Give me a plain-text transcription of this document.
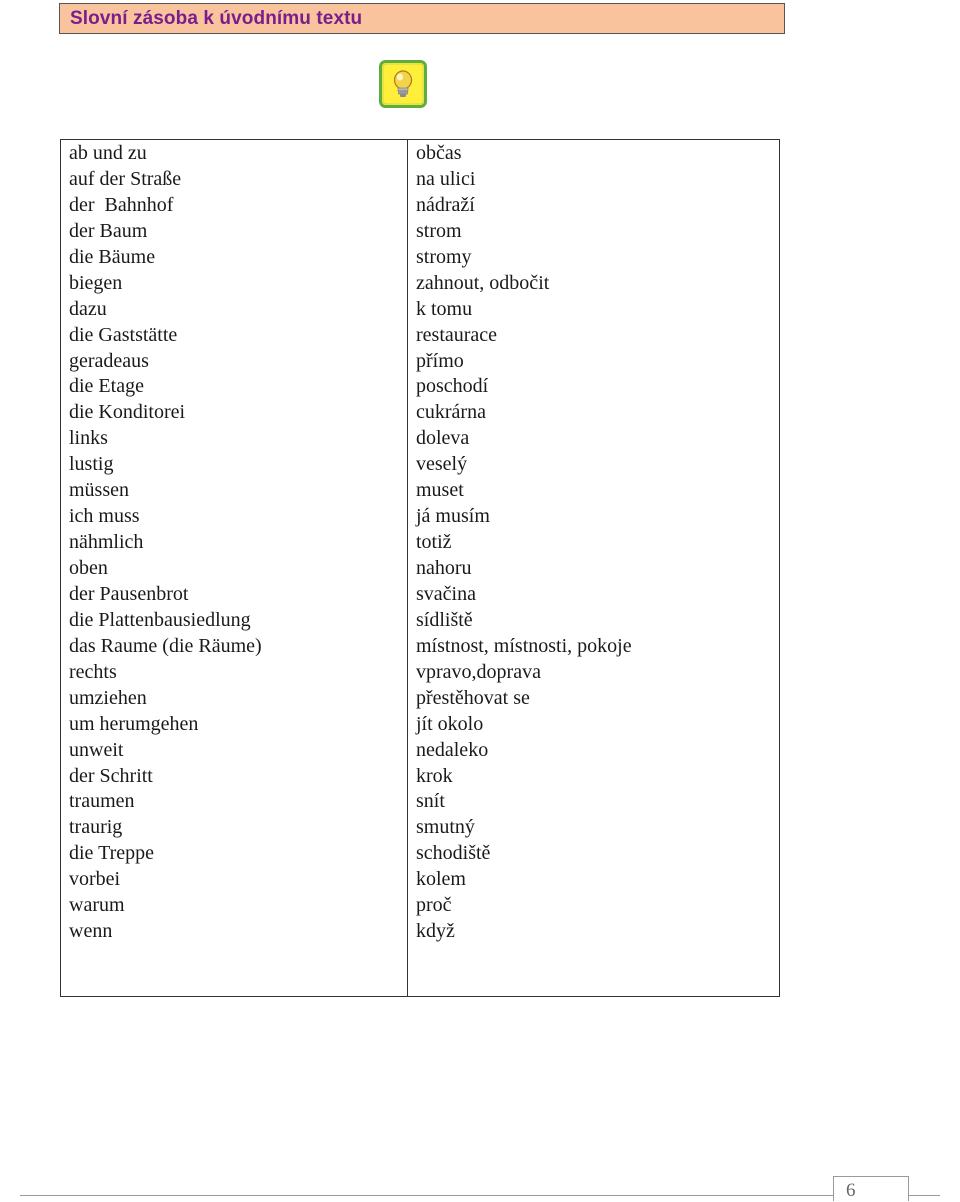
Slovní zásoba k úvodnímu textu
ab und zu
auf der Straße
der  Bahnhof
der Baum
die Bäume
biegen
dazu
die Gaststätte
geradeaus
die Etage
die Konditorei
links
lustig
müssen
ich muss
nähmlich
oben
der Pausenbrot
die Plattenbausiedlung
das Raume (die Räume)
rechts
umziehen
um herumgehen
unweit
der Schritt
traumen
traurig
die Treppe
vorbei
warum
wenn
občas
na ulici
nádraží
strom
stromy
zahnout, odbočit
k tomu
restaurace
přímo
poschodí
cukrárna
doleva
veselý
muset
já musím
totiž
nahoru
svačina
sídliště
místnost, místnosti, pokoje
vpravo,doprava
přestěhovat se
jít okolo
nedaleko
krok
snít
smutný
schodiště
kolem
proč
když
6
